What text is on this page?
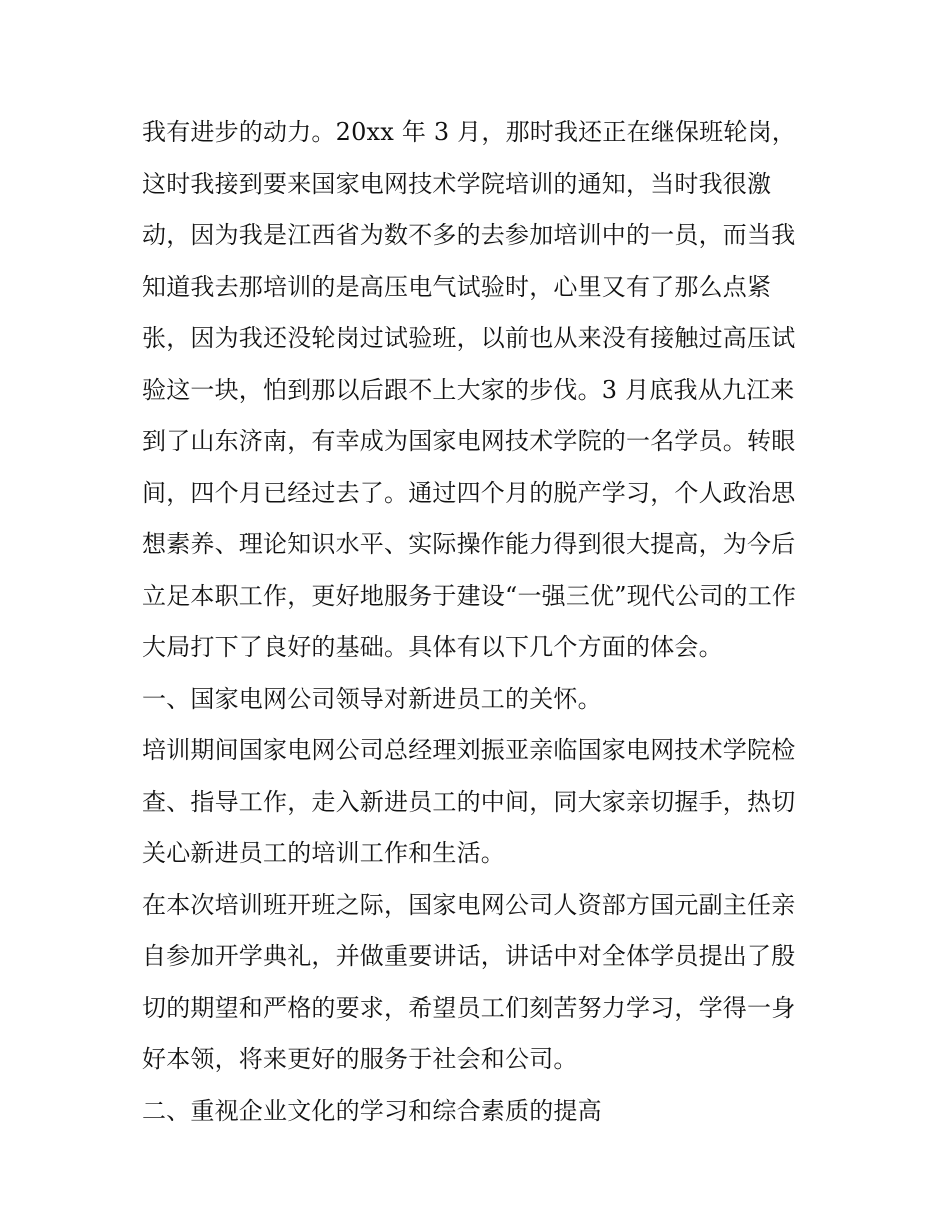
我有进步的动力。20xx 年 3 月，那时我还正在继保班轮岗，
这时我接到要来国家电网技术学院培训的通知，当时我很激
动，因为我是江西省为数不多的去参加培训中的一员，而当我
知道我去那培训的是高压电气试验时，心里又有了那么点紧
张，因为我还没轮岗过试验班，以前也从来没有接触过高压试
验这一块，怕到那以后跟不上大家的步伐。3 月底我从九江来
到了山东济南，有幸成为国家电网技术学院的一名学员。转眼
间，四个月已经过去了。通过四个月的脱产学习，个人政治思
想素养、理论知识水平、实际操作能力得到很大提高，为今后
立足本职工作，更好地服务于建设“一强三优”现代公司的工作
大局打下了良好的基础。具体有以下几个方面的体会。
一、国家电网公司领导对新进员工的关怀。
培训期间国家电网公司总经理刘振亚亲临国家电网技术学院检
查、指导工作，走入新进员工的中间，同大家亲切握手，热切
关心新进员工的培训工作和生活。
在本次培训班开班之际，国家电网公司人资部方国元副主任亲
自参加开学典礼，并做重要讲话，讲话中对全体学员提出了殷
切的期望和严格的要求，希望员工们刻苦努力学习，学得一身
好本领，将来更好的服务于社会和公司。
二、重视企业文化的学习和综合素质的提高
